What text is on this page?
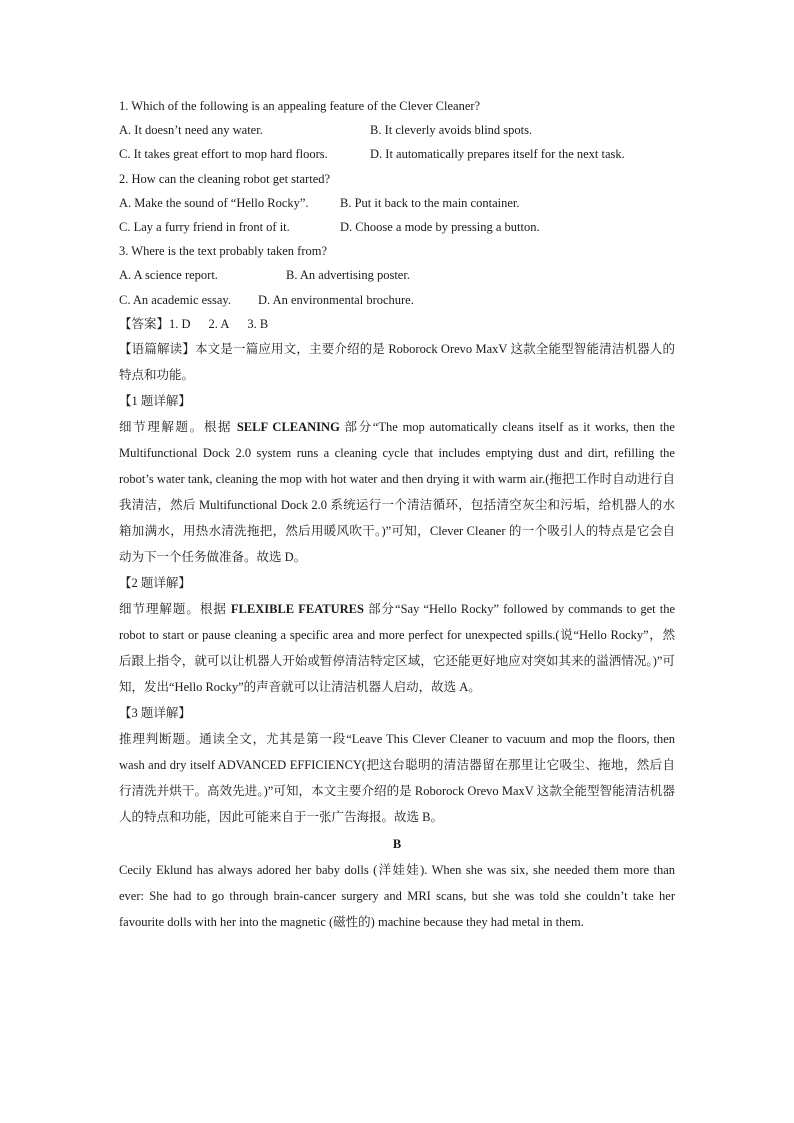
1. Which of the following is an appealing feature of the Clever Cleaner?
A. It doesn’t need any water.	B. It cleverly avoids blind spots.
C. It takes great effort to mop hard floors.	D. It automatically prepares itself for the next task.
2. How can the cleaning robot get started?
A. Make the sound of “Hello Rocky”.	B. Put it back to the main container.
C. Lay a furry friend in front of it.	D. Choose a mode by pressing a button.
3. Where is the text probably taken from?
A. A science report.	B. An advertising poster.
C. An academic essay.	D. An environmental brochure.
【答案】1. D 2. A 3. B
【语篇解读】本文是一篇应用文，主要介绍的是 Roborock Orevo MaxV 这款全能型智能清洁机器人的特点和功能。
【1 题详解】
细节理解题。根据 SELF CLEANING 部分“The mop automatically cleans itself as it works, then the Multifunctional Dock 2.0 system runs a cleaning cycle that includes emptying dust and dirt, refilling the robot’s water tank, cleaning the mop with hot water and then drying it with warm air.(拖把工作时自动进行自我清洁，然后 Multifunctional Dock 2.0 系统运行一个清洁循环，包括清空灰尘和污垢，给机器人的水箱加满水，用热水清洗拖把，然后用暖风吹干。)”可知，Clever Cleaner 的一个吸引人的特点是它会自动为下一个任务做准备。故选 D。
【2 题详解】
细节理解题。根据 FLEXIBLE FEATURES 部分“Say “Hello Rocky” followed by commands to get the robot to start or pause cleaning a specific area and more perfect for unexpected spills.(说“Hello Rocky”，然后跟上指令，就可以让机器人开始或暂停清洁特定区域，它还能更好地应对突如其来的溢洒情况。)”可知，发出“Hello Rocky”的声音就可以让清洁机器人启动，故选 A。
【3 题详解】
推理判断题。通读全文，尤其是第一段“Leave This Clever Cleaner to vacuum and mop the floors, then wash and dry itself ADVANCED EFFICIENCY(把这台聪明的清洁器留在那里让它吸尘、拖地，然后自行清洗并烘干。高效先进。)”可知，本文主要介绍的是 Roborock Orevo MaxV 这款全能型智能清洁机器人的特点和功能，因此可能来自于一张广告海报。故选 B。
B
Cecily Eklund has always adored her baby dolls (洋娃娃). When she was six, she needed them more than ever: She had to go through brain-cancer surgery and MRI scans, but she was told she couldn’t take her favourite dolls with her into the magnetic (磁性的) machine because they had metal in them.
